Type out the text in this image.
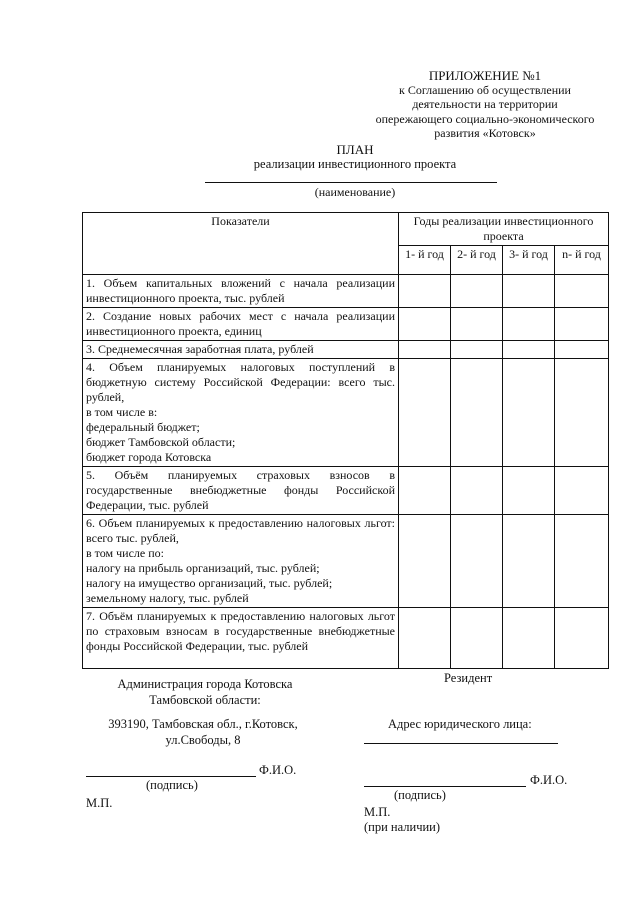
ПРИЛОЖЕНИЕ №1
к Соглашению об осуществлении
деятельности на территории
опережающего социально-экономического
развития «Котовск»
ПЛАН
реализации инвестиционного проекта
(наименование)
Показатели	Годы реализации инвестиционного проекта			
	1- й год	2- й год	3- й год	n- й год
1. Объем капитальных вложений с начала реализации инвестиционного проекта, тыс. рублей				
2. Создание новых рабочих мест с начала реализации инвестиционного проекта, единиц				
3. Среднемесячная заработная плата, рублей				

4. Объем планируемых налоговых поступлений в бюджетную систему Российской Федерации: всего тыс. рублей,
в том числе в:
федеральный бюджет;
бюджет Тамбовской области;
бюджет города Котовска				

5. Объём планируемых страховых взносов в государственные внебюджетные фонды Российской Федерации, тыс. рублей				

6. Объем планируемых к предоставлению налоговых льгот: всего тыс. рублей,
в том числе по:
налогу на прибыль организаций, тыс. рублей;
налогу на имущество организаций, тыс. рублей;
земельному налогу, тыс. рублей				

7. Объём планируемых к предоставлению налоговых льгот по страховым взносам в государственные внебюджетные фонды Российской Федерации, тыс. рублей				
Администрация города Котовска
Тамбовской области:
393190, Тамбовская обл., г.Котовск,
ул.Свободы, 8
Ф.И.О.
(подпись)
М.П.
Резидент
Адрес юридического лица:
Ф.И.О.
(подпись)
М.П.
(при наличии)
